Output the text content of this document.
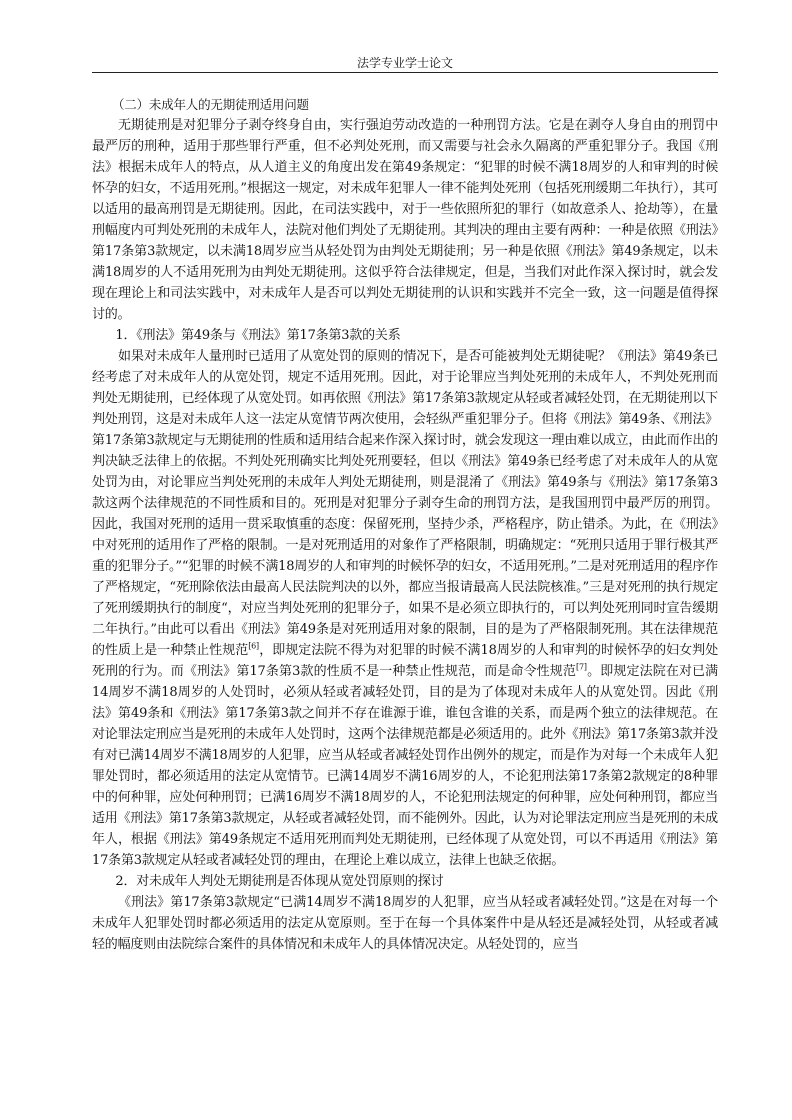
法学专业学士论文

（二）未成年人的无期徒刑适用问题

无期徒刑是对犯罪分子剥夺终身自由，实行强迫劳动改造的一种刑罚方法。它是在剥夺人身自由的刑罚中最严厉的刑种，适用于那些罪行严重，但不必判处死刑，而又需要与社会永久隔离的严重犯罪分子。我国《刑法》根据未成年人的特点，从人道主义的角度出发在第49条规定：“犯罪的时候不满18周岁的人和审判的时候怀孕的妇女，不适用死刑。”根据这一规定，对未成年犯罪人一律不能判处死刑（包括死刑缓期二年执行），其可以适用的最高刑罚是无期徒刑。因此，在司法实践中，对于一些依照所犯的罪行（如故意杀人、抢劫等），在量刑幅度内可判处死刑的未成年人，法院对他们判处了无期徒刑。其判决的理由主要有两种：一种是依照《刑法》第17条第3款规定，以未满18周岁应当从轻处罚为由判处无期徒刑；另一种是依照《刑法》第49条规定，以未满18周岁的人不适用死刑为由判处无期徒刑。这似乎符合法律规定，但是，当我们对此作深入探讨时，就会发现在理论上和司法实践中，对未成年人是否可以判处无期徒刑的认识和实践并不完全一致，这一问题是值得探讨的。

1．《刑法》第49条与《刑法》第17条第3款的关系

如果对未成年人量刑时已适用了从宽处罚的原则的情况下，是否可能被判处无期徒呢？《刑法》第49条已经考虑了对未成年人的从宽处罚，规定不适用死刑。因此，对于论罪应当判处死刑的未成年人，不判处死刑而判处无期徒刑，已经体现了从宽处罚。如再依照《刑法》第17条第3款规定从轻或者减轻处罚，在无期徒刑以下判处刑罚，这是对未成年人这一法定从宽情节两次使用，会轻纵严重犯罪分子。但将《刑法》第49条、《刑法》第17条第3款规定与无期徒刑的性质和适用结合起来作深入探讨时，就会发现这一理由难以成立，由此而作出的判决缺乏法律上的依据。不判处死刑确实比判处死刑要轻，但以《刑法》第49条已经考虑了对未成年人的从宽处罚为由，对论罪应当判处死刑的未成年人判处无期徒刑，则是混淆了《刑法》第49条与《刑法》第17条第3款这两个法律规范的不同性质和目的。死刑是对犯罪分子剥夺生命的刑罚方法，是我国刑罚中最严厉的刑罚。因此，我国对死刑的适用一贯采取慎重的态度：保留死刑，坚持少杀，严格程序，防止错杀。为此，在《刑法》中对死刑的适用作了严格的限制。一是对死刑适用的对象作了严格限制，明确规定：“死刑只适用于罪行极其严重的犯罪分子。”“犯罪的时候不满18周岁的人和审判的时候怀孕的妇女，不适用死刑。”二是对死刑适用的程序作了严格规定，“死刑除依法由最高人民法院判决的以外，都应当报请最高人民法院核准。”三是对死刑的执行规定了死刑缓期执行的制度“，对应当判处死刑的犯罪分子，如果不是必须立即执行的，可以判处死刑同时宣告缓期二年执行。”由此可以看出《刑法》第49条是对死刑适用对象的限制，目的是为了严格限制死刑。其在法律规范的性质上是一种禁止性规范[6]，即规定法院不得为对犯罪的时候不满18周岁的人和审判的时候怀孕的妇女判处死刑的行为。而《刑法》第17条第3款的性质不是一种禁止性规范，而是命令性规范[7]。即规定法院在对已满14周岁不满18周岁的人处罚时，必须从轻或者减轻处罚，目的是为了体现对未成年人的从宽处罚。因此《刑法》第49条和《刑法》第17条第3款之间并不存在谁源于谁，谁包含谁的关系，而是两个独立的法律规范。在对论罪法定刑应当是死刑的未成年人处罚时，这两个法律规范都是必须适用的。此外《刑法》第17条第3款并没有对已满14周岁不满18周岁的人犯罪，应当从轻或者减轻处罚作出例外的规定，而是作为对每一个未成年人犯罪处罚时，都必须适用的法定从宽情节。已满14周岁不满16周岁的人，不论犯刑法第17条第2款规定的8种罪中的何种罪，应处何种刑罚；已满16周岁不满18周岁的人，不论犯刑法规定的何种罪，应处何种刑罚，都应当适用《刑法》第17条第3款规定，从轻或者减轻处罚，而不能例外。因此，认为对论罪法定刑应当是死刑的未成年人，根据《刑法》第49条规定不适用死刑而判处无期徒刑，已经体现了从宽处罚，可以不再适用《刑法》第17条第3款规定从轻或者减轻处罚的理由，在理论上难以成立，法律上也缺乏依据。

2．对未成年人判处无期徒刑是否体现从宽处罚原则的探讨

《刑法》第17条第3款规定“已满14周岁不满18周岁的人犯罪，应当从轻或者减轻处罚。”这是在对每一个未成年人犯罪处罚时都必须适用的法定从宽原则。至于在每一个具体案件中是从轻还是减轻处罚，从轻或者减轻的幅度则由法院综合案件的具体情况和未成年人的具体情况决定。从轻处罚的，应当
